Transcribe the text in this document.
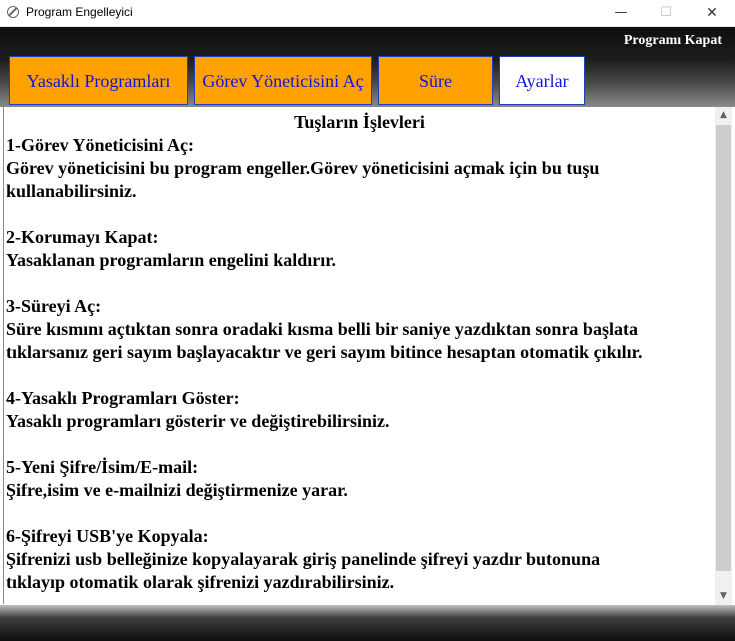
Program Engelleyici	—	☐	✕
Programı Kapat
Yasaklı Programları Görev Yöneticisini Aç	Süre	Ayarlar
Tuşların İşlevleri
1-Görev Yöneticisini Aç:
Görev yöneticisini bu program engeller.Görev yöneticisini açmak için bu tuşu
kullanabilirsiniz.
2-Korumayı Kapat:
Yasaklanan programların engelini kaldırır.
3-Süreyi Aç:
Süre kısmını açtıktan sonra oradaki kısma belli bir saniye yazdıktan sonra başlata
tıklarsanız geri sayım başlayacaktır ve geri sayım bitince hesaptan otomatik çıkılır.
4-Yasaklı Programları Göster:
Yasaklı programları gösterir ve değiştirebilirsiniz.
5-Yeni Şifre/İsim/E-mail:
Şifre,isim ve e-mailnizi değiştirmenize yarar.
6-Şifreyi USB'ye Kopyala:
Şifrenizi usb belleğinize kopyalayarak giriş panelinde şifreyi yazdır butonuna
tıklayıp otomatik olarak şifrenizi yazdırabilirsiniz.
▲
▼
